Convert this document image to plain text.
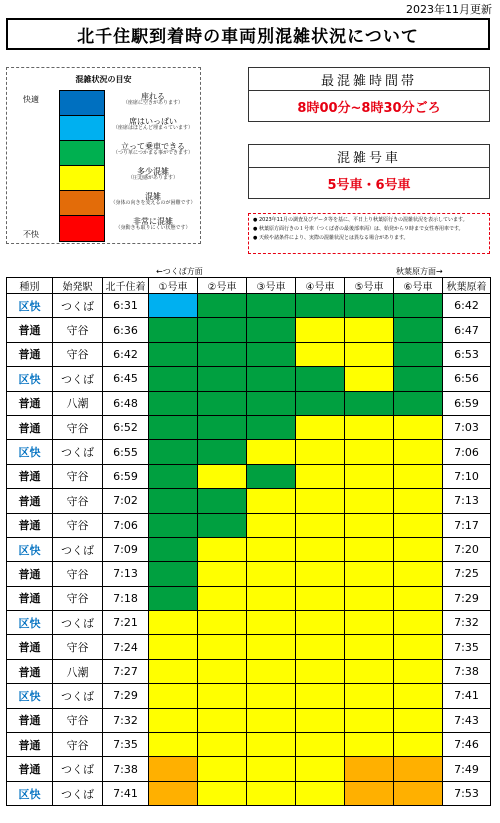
2023年11月更新
北千住駅到着時の車両別混雑状況について
混雑状況の目安
快適
不快
座れる
（座席に空きがあります）
席はいっぱい
（座席はほとんど埋まっています）
立って乗車できる
（つり革につかまる事ができます）
多少混雑
（圧迫感があります）
混雑
（身体の向きを変えるのが困難です）
非常に混雑
（身動きも取りにくい状態です）
最混雑時間帯
8時00分~8時30分ごろ
混雑号車
5号車・6号車

● 2023年11月の調査及びデータ等を基に、平日上り秋葉原行きの混雑状況を表示しています。

● 秋葉原方面行きの１号車（つくば者の最後部車両）は、始発から９時まで女性専用車です。

● 天候や諸条件により、実際の混雑状況とは異なる場合があります。

←つくば方面	秋葉原方面→
種別	始発駅	北千住着	①号車	②号車	③号車	④号車	⑤号車	⑥号車	秋葉原着
区快	つくば	6:31							6:42
普通	守谷	6:36							6:47
普通	守谷	6:42							6:53
区快	つくば	6:45							6:56
普通	八潮	6:48							6:59
普通	守谷	6:52							7:03
区快	つくば	6:55							7:06
普通	守谷	6:59							7:10
普通	守谷	7:02							7:13
普通	守谷	7:06							7:17
区快	つくば	7:09							7:20
普通	守谷	7:13							7:25
普通	守谷	7:18							7:29
区快	つくば	7:21							7:32
普通	守谷	7:24							7:35
普通	八潮	7:27							7:38
区快	つくば	7:29							7:41
普通	守谷	7:32							7:43
普通	守谷	7:35							7:46
普通	つくば	7:38							7:49
区快	つくば	7:41							7:53
